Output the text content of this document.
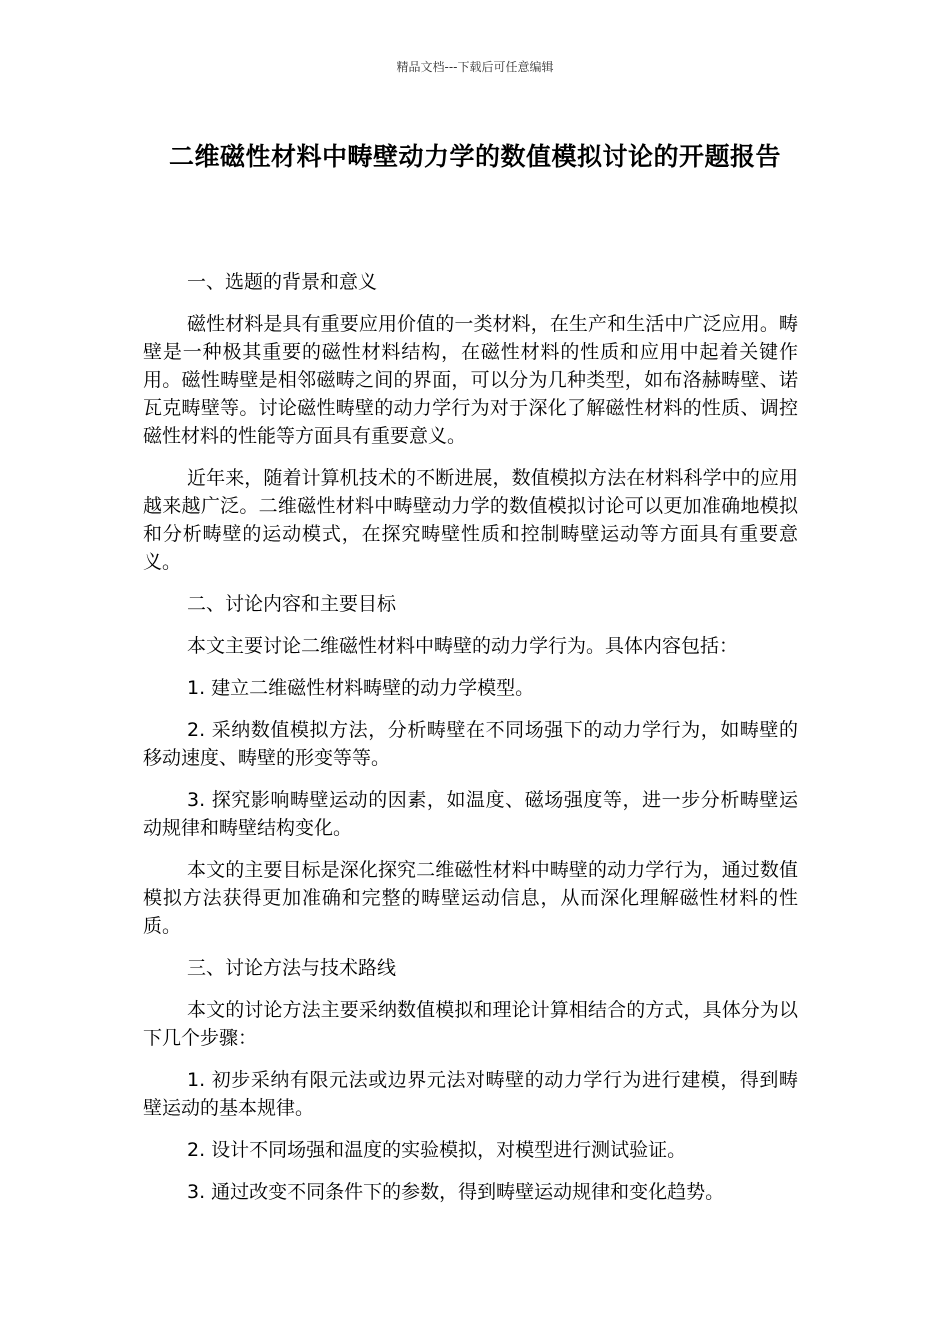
精品文档---下载后可任意编辑
二维磁性材料中畴壁动力学的数值模拟讨论的开题报告

一、选题的背景和意义

磁性材料是具有重要应用价值的一类材料，在生产和生活中广泛应用。畴壁是一种极其重要的磁性材料结构，在磁性材料的性质和应用中起着关键作用。磁性畴壁是相邻磁畴之间的界面，可以分为几种类型，如布洛赫畴壁、诺瓦克畴壁等。讨论磁性畴壁的动力学行为对于深化了解磁性材料的性质、调控磁性材料的性能等方面具有重要意义。

近年来，随着计算机技术的不断进展，数值模拟方法在材料科学中的应用越来越广泛。二维磁性材料中畴壁动力学的数值模拟讨论可以更加准确地模拟和分析畴壁的运动模式，在探究畴壁性质和控制畴壁运动等方面具有重要意义。

二、讨论内容和主要目标

本文主要讨论二维磁性材料中畴壁的动力学行为。具体内容包括：

1. 建立二维磁性材料畴壁的动力学模型。

2. 采纳数值模拟方法，分析畴壁在不同场强下的动力学行为，如畴壁的移动速度、畴壁的形变等等。

3. 探究影响畴壁运动的因素，如温度、磁场强度等，进一步分析畴壁运动规律和畴壁结构变化。

本文的主要目标是深化探究二维磁性材料中畴壁的动力学行为，通过数值模拟方法获得更加准确和完整的畴壁运动信息，从而深化理解磁性材料的性质。

三、讨论方法与技术路线

本文的讨论方法主要采纳数值模拟和理论计算相结合的方式，具体分为以下几个步骤：

1. 初步采纳有限元法或边界元法对畴壁的动力学行为进行建模，得到畴壁运动的基本规律。

2. 设计不同场强和温度的实验模拟，对模型进行测试验证。

3. 通过改变不同条件下的参数，得到畴壁运动规律和变化趋势。
